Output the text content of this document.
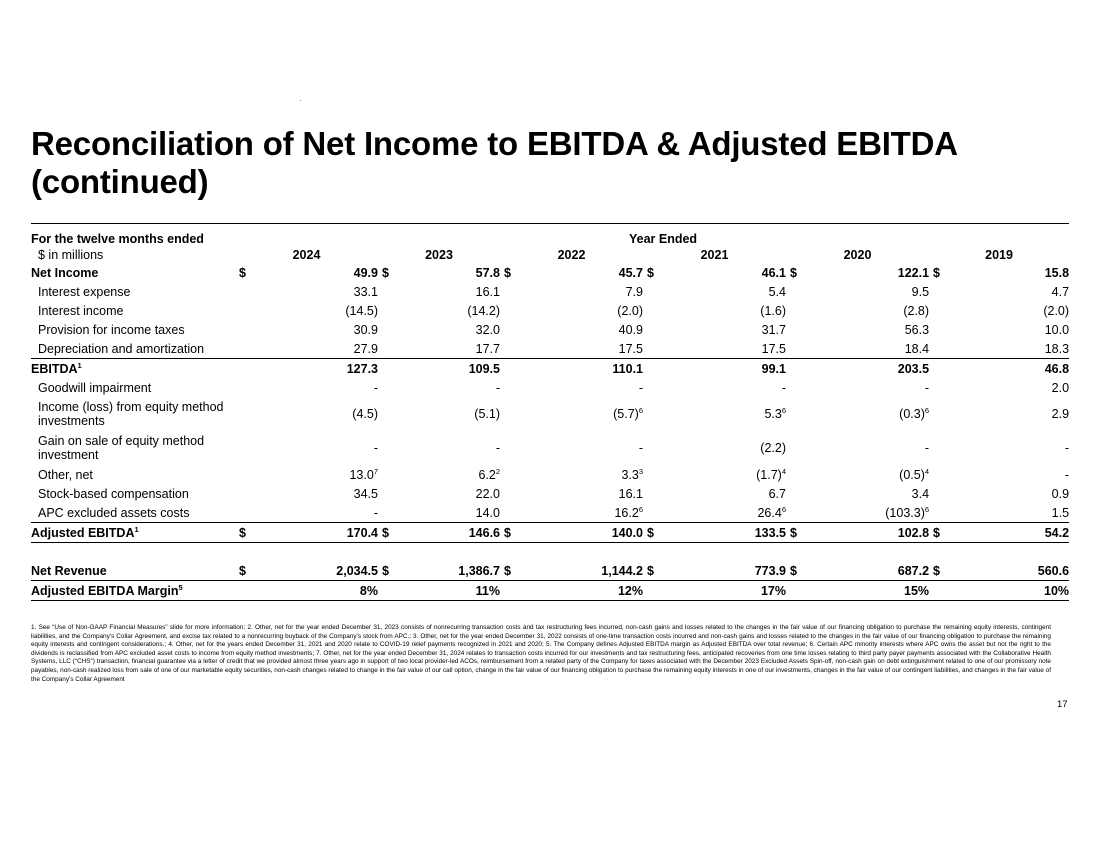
Reconciliation of Net Income to EBITDA & Adjusted EBITDA
(continued)
For the twelve months ended						Year Ended						
$ in millions	2024		2023		2022		2021		2020		2019	
Net Income	$	49.9	$	57.8	$	45.7	$	46.1	$	122.1	$	15.8
Interest expense		33.1		16.1		7.9		5.4		9.5		4.7
Interest income		(14.5)		(14.2)		(2.0)		(1.6)		(2.8)		(2.0)
Provision for income taxes		30.9		32.0		40.9		31.7		56.3		10.0
Depreciation and amortization		27.9		17.7		17.5		17.5		18.4		18.3
EBITDA$^1$		127.3		109.5		110.1		99.1		203.5		46.8
Goodwill impairment		-		-		-		-		-		2.0
Income (loss) from equity method investments		(4.5)		(5.1)		$(5.7)^6$		$5.3^6$		$(0.3)^6$		2.9
Gain on sale of equity method investment		-		-		-		(2.2)		-		-
Other, net		13.0$^7$		$6.2^2$		$3.3^3$		$(1.7)^4$		$(0.5)^4$		-
Stock-based compensation		34.5		22.0		16.1		6.7		3.4		0.9
APC excluded assets costs		-		14.0		16.2$^6$		26.4$^6$		$(103.3)^6$		1.5
Adjusted EBITDA$^1$	$	170.4	$	146.6	$	140.0	$	133.5	$	102.8	$	54.2

Net Revenue	$	2,034.5	$	1,386.7	$	1,144.2	$	773.9	$	687.2	$	560.6
Adjusted EBITDA Margin$^5$		8%		11%		12%		17%		15%		10%
1. See “Use of Non-GAAP Financial Measures” slide for more information; 2. Other, net for the year ended December 31, 2023 consists of nonrecurring transaction costs and tax restructuring fees incurred, non-cash gains and losses related to the changes in the fair value of our financing obligation to purchase the remaining equity interests, contingent liabilities, and the Company’s Collar Agreement, and excise tax related to a nonrecurring buyback of the Company’s stock from APC.; 3. Other, net for the year ended December 31, 2022 consists of one-time transaction costs incurred and non-cash gains and losses related to the changes in the fair value of our financing obligation to purchase the remaining equity interests and contingent considerations.; 4. Other, net for the years ended December 31, 2021 and 2020 relate to COVID-19 relief payments recognized in 2021 and 2020; 5. The Company defines Adjusted EBITDA margin as Adjusted EBITDA over total revenue; 6. Certain APC minority interests where APC owns the asset but not the right to the dividends is reclassified from APC excluded asset costs to income from equity method investments; 7. Other, net for the year ended December 31, 2024 relates to transaction costs incurred for our investments and tax restructuring fees, anticipated recoveries from one time losses relating to third party payer payments associated with the Collaborative Health Systems, LLC (“CHS”) transaction, financial guarantee via a letter of credit that we provided almost three years ago in support of two local provider-led ACOs, reimbursement from a related party of the Company for taxes associated with the December 2023 Excluded Assets Spin-off, non-cash gain on debt extinguishment related to one of our promissory note payables, non-cash realized loss from sale of one of our marketable equity securities, non-cash changes related to change in the fair value of our call option, change in the fair value of our financing obligation to purchase the remaining equity interests in one of our investments, changes in the fair value of our contingent liabilities, and changes in the fair value of the Company’s Collar Agreement
17
